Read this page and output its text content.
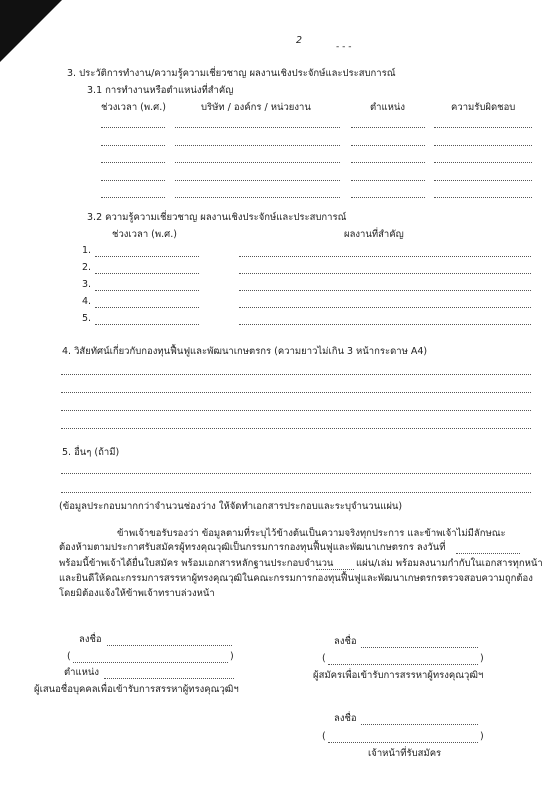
2
- - -
3. ประวัติการทำงาน/ความรู้ความเชี่ยวชาญ ผลงานเชิงประจักษ์และประสบการณ์
3.1 การทำงานหรือตำแหน่งที่สำคัญ
ช่วงเวลา (พ.ศ.)	บริษัท / องค์กร / หน่วยงาน	ตำแหน่ง	ความรับผิดชอบ
3.2 ความรู้ความเชี่ยวชาญ ผลงานเชิงประจักษ์และประสบการณ์
ช่วงเวลา (พ.ศ.)	ผลงานที่สำคัญ
1.
2.
3.
4.
5.
4. วิสัยทัศน์เกี่ยวกับกองทุนฟื้นฟูและพัฒนาเกษตรกร (ความยาวไม่เกิน 3 หน้ากระดาษ A4)
5. อื่นๆ (ถ้ามี)
(ข้อมูลประกอบมากกว่าจำนวนช่องว่าง ให้จัดทำเอกสารประกอบและระบุจำนวนแผ่น)
ข้าพเจ้าขอรับรองว่า ข้อมูลตามที่ระบุไว้ข้างต้นเป็นความจริงทุกประการ และข้าพเจ้าไม่มีลักษณะ
ต้องห้ามตามประกาศรับสมัครผู้ทรงคุณวุฒิเป็นกรรมการกองทุนฟื้นฟูและพัฒนาเกษตรกร ลงวันที่
พร้อมนี้ข้าพเจ้าได้ยื่นใบสมัคร พร้อมเอกสารหลักฐานประกอบจำนวน แผ่น/เล่ม พร้อมลงนามกำกับในเอกสารทุกหน้า
และยินดีให้คณะกรรมการสรรหาผู้ทรงคุณวุฒิในคณะกรรมการกองทุนฟื้นฟูและพัฒนาเกษตรกรตรวจสอบความถูกต้อง
โดยมิต้องแจ้งให้ข้าพเจ้าทราบล่วงหน้า
ลงชื่อ
(	)
ตำแหน่ง
ผู้เสนอชื่อบุคคลเพื่อเข้ารับการสรรหาผู้ทรงคุณวุฒิฯ
ลงชื่อ
(	)
ผู้สมัครเพื่อเข้ารับการสรรหาผู้ทรงคุณวุฒิฯ
ลงชื่อ
(	)
เจ้าหน้าที่รับสมัคร
